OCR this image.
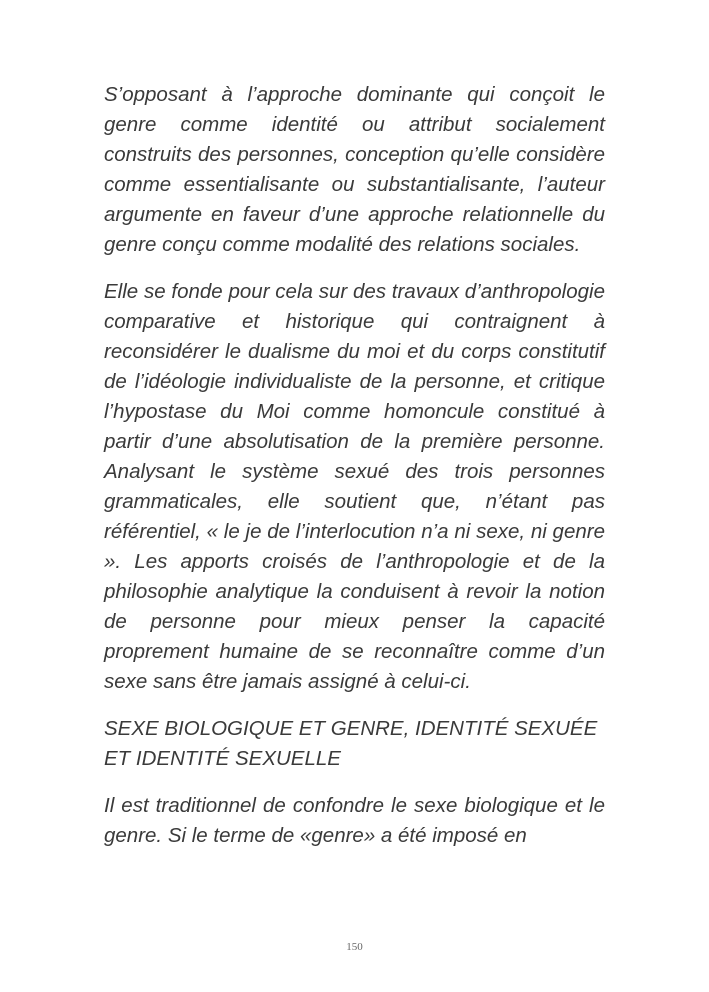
S’opposant à l’approche dominante qui conçoit le genre comme identité ou attribut socialement construits des personnes, conception qu’elle considère comme essentialisante ou substantialisante, l’auteur argumente en faveur d’une approche relationnelle du genre conçu comme modalité des relations sociales.

Elle se fonde pour cela sur des travaux d’anthropologie comparative et historique qui contraignent à reconsidérer le dualisme du moi et du corps constitutif de l’idéologie individualiste de la personne, et critique l’hypostase du Moi comme homoncule constitué à partir d’une absolutisation de la première personne. Analysant le système sexué des trois personnes grammaticales, elle soutient que, n’étant pas référentiel, « le je de l’interlocution n’a ni sexe, ni genre ». Les apports croisés de l’anthropologie et de la philosophie analytique la conduisent à revoir la notion de personne pour mieux penser la capacité proprement humaine de se reconnaître comme d’un sexe sans être jamais assigné à celui-ci.

SEXE BIOLOGIQUE ET GENRE, IDENTITÉ SEXUÉE ET IDENTITÉ SEXUELLE

Il est traditionnel de confondre le sexe biologique et le genre. Si le terme de «genre» a été imposé en

150
